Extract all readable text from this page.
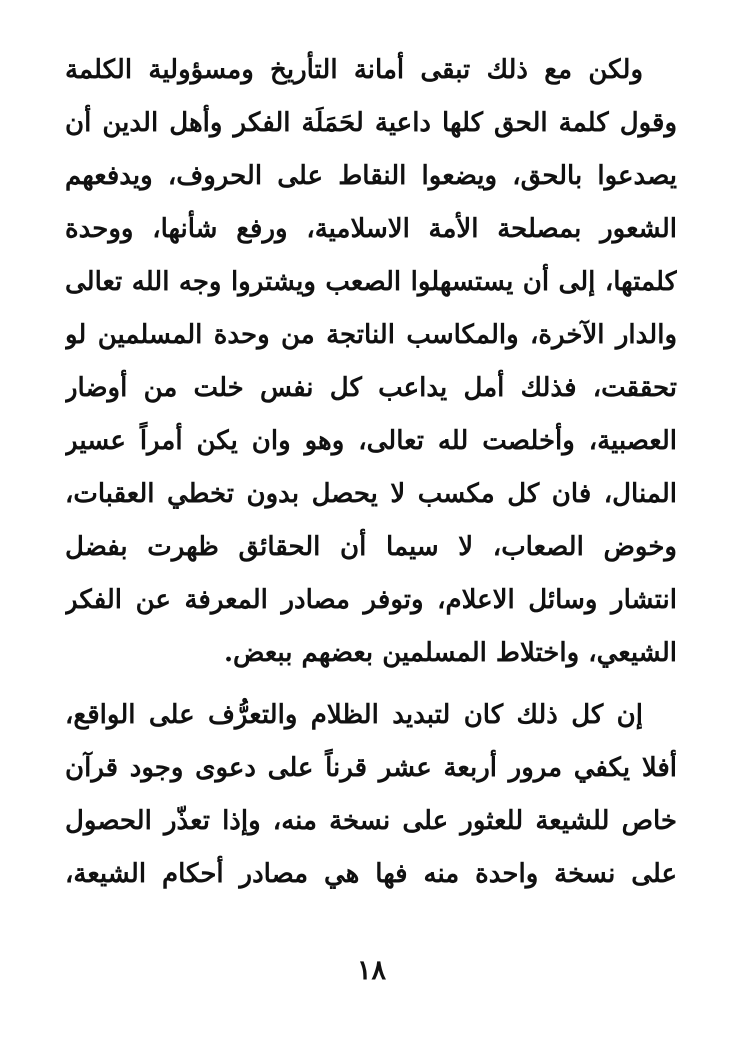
ولكن مع ذلك تبقى أمانة التأريخ ومسؤولية الكلمة
وقول كلمة الحق كلها داعية لحَمَلَة الفكر وأهل الدين أن
يصدعوا بالحق، ويضعوا النقاط على الحروف، ويدفعهم
الشعور بمصلحة الأمة الاسلامية، ورفع شأنها، ووحدة
كلمتها، إلى أن يستسهلوا الصعب ويشتروا وجه الله تعالى
والدار الآخرة، والمكاسب الناتجة من وحدة المسلمين لو
تحققت، فذلك أمل يداعب كل نفس خلت من أوضار
العصبية، وأخلصت لله تعالى، وهو وان يكن أمراً عسير
المنال، فان كل مكسب لا يحصل بدون تخطي العقبات،
وخوض الصعاب، لا سيما أن الحقائق ظهرت بفضل
انتشار وسائل الاعلام، وتوفر مصادر المعرفة عن الفكر
الشيعي، واختلاط المسلمين بعضهم ببعض.
إن كل ذلك كان لتبديد الظلام والتعرُّف على الواقع،
أفلا يكفي مرور أربعة عشر قرناً على دعوى وجود قرآن
خاص للشيعة للعثور على نسخة منه، وإذا تعذّر الحصول
على نسخة واحدة منه فها هي مصادر أحكام الشيعة،
١٨
